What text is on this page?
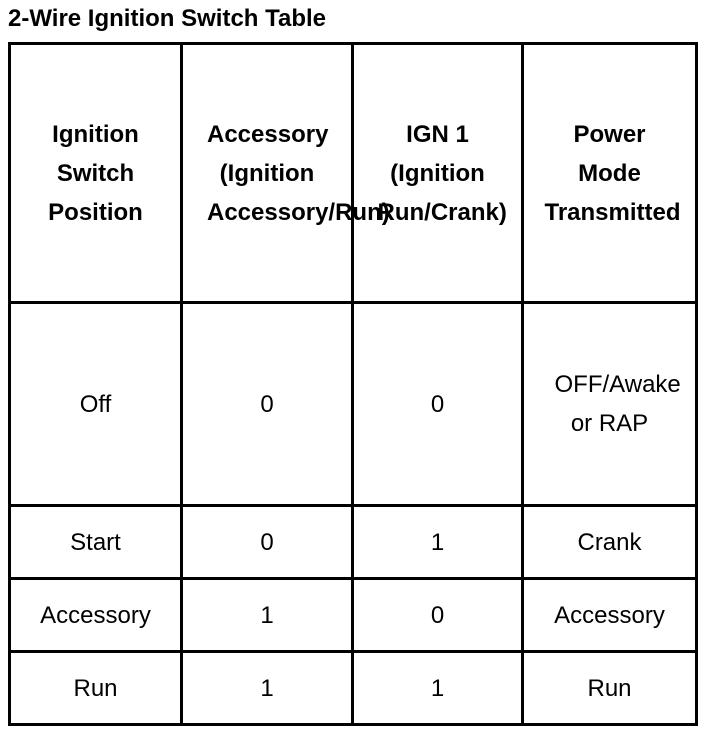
2-Wire Ignition Switch Table
Ignition Switch Position	Accessory (Ignition Accessory/Run)	IGN 1 (Ignition Run/Crank)	Power Mode Transmitted

Off	0	0	OFF/Awake or RAP

Start	0	1	Crank
Accessory	1	0	Accessory
Run	1	1	Run
